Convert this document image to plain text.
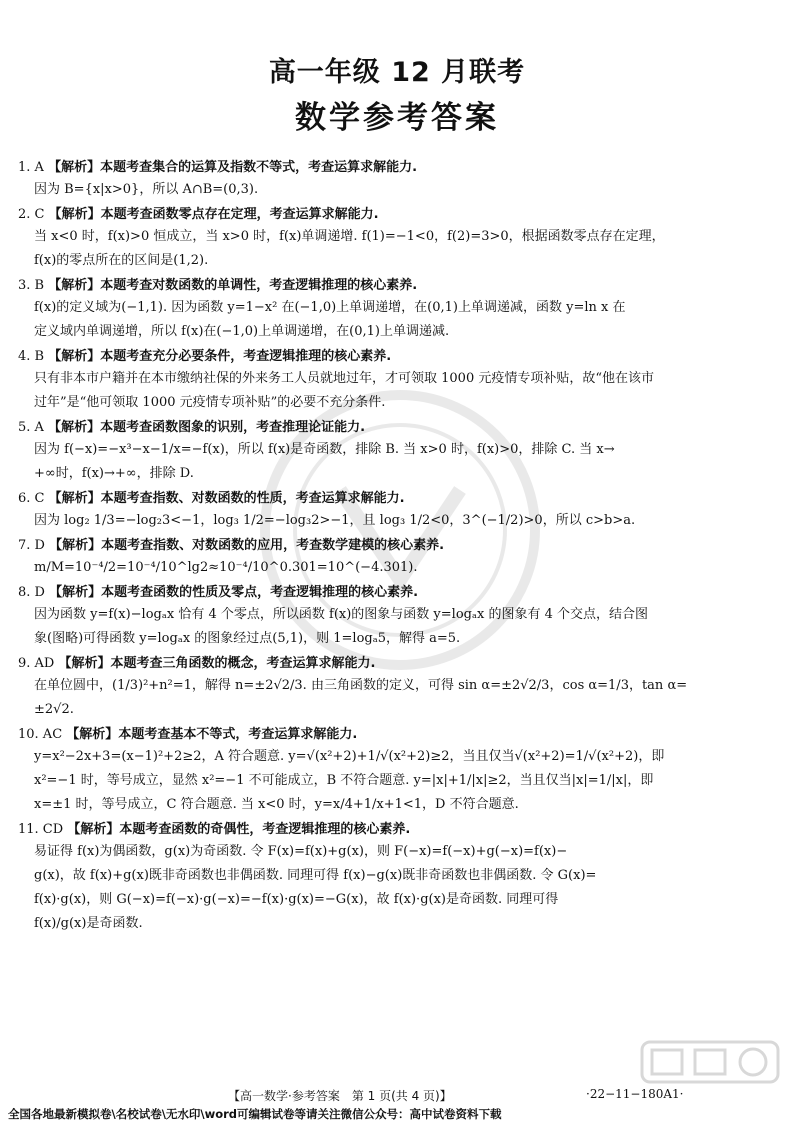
高一年级 12 月联考
数学参考答案
1. A 【解析】本题考查集合的运算及指数不等式，考查运算求解能力.
因为 B={x|x>0}，所以 A∩B=(0,3).
2. C 【解析】本题考查函数零点存在定理，考查运算求解能力.
当 x<0 时，f(x)>0 恒成立，当 x>0 时，f(x)单调递增. f(1)=−1<0，f(2)=3>0，根据函数零点存在定理，
f(x)的零点所在的区间是(1,2).
3. B 【解析】本题考查对数函数的单调性，考查逻辑推理的核心素养.
f(x)的定义域为(−1,1). 因为函数 y=1−x² 在(−1,0)上单调递增，在(0,1)上单调递减，函数 y=ln x 在
定义域内单调递增，所以 f(x)在(−1,0)上单调递增，在(0,1)上单调递减.
4. B 【解析】本题考查充分必要条件，考查逻辑推理的核心素养.
只有非本市户籍并在本市缴纳社保的外来务工人员就地过年，才可领取 1000 元疫情专项补贴，故“他在该市
过年”是“他可领取 1000 元疫情专项补贴”的必要不充分条件.
5. A 【解析】本题考查函数图象的识别，考查推理论证能力.
因为 f(−x)=−x³−x−1/x=−f(x)，所以 f(x)是奇函数，排除 B. 当 x>0 时，f(x)>0，排除 C. 当 x→
+∞时，f(x)→+∞，排除 D.
6. C 【解析】本题考查指数、对数函数的性质，考查运算求解能力.
因为 log₂ 1/3=−log₂3<−1，log₃ 1/2=−log₃2>−1，且 log₃ 1/2<0，3^(−1/2)>0，所以 c>b>a.
7. D 【解析】本题考查指数、对数函数的应用，考查数学建模的核心素养.
m/M=10⁻⁴/2=10⁻⁴/10^lg2≈10⁻⁴/10^0.301=10^(−4.301).
8. D 【解析】本题考查函数的性质及零点，考查逻辑推理的核心素养.
因为函数 y=f(x)−logₐx 恰有 4 个零点，所以函数 f(x)的图象与函数 y=logₐx 的图象有 4 个交点，结合图
象(图略)可得函数 y=logₐx 的图象经过点(5,1)，则 1=logₐ5，解得 a=5.
9. AD 【解析】本题考查三角函数的概念，考查运算求解能力.
在单位圆中，(1/3)²+n²=1，解得 n=±2√2/3. 由三角函数的定义，可得 sin α=±2√2/3，cos α=1/3，tan α=
±2√2.
10. AC 【解析】本题考查基本不等式，考查运算求解能力.
y=x²−2x+3=(x−1)²+2≥2，A 符合题意. y=√(x²+2)+1/√(x²+2)≥2，当且仅当√(x²+2)=1/√(x²+2)，即
x²=−1 时，等号成立，显然 x²=−1 不可能成立，B 不符合题意. y=|x|+1/|x|≥2，当且仅当|x|=1/|x|，即
x=±1 时，等号成立，C 符合题意. 当 x<0 时，y=x/4+1/x+1<1，D 不符合题意.
11. CD 【解析】本题考查函数的奇偶性，考查逻辑推理的核心素养.
易证得 f(x)为偶函数，g(x)为奇函数. 令 F(x)=f(x)+g(x)，则 F(−x)=f(−x)+g(−x)=f(x)−
g(x)，故 f(x)+g(x)既非奇函数也非偶函数. 同理可得 f(x)−g(x)既非奇函数也非偶函数. 令 G(x)=
f(x)·g(x)，则 G(−x)=f(−x)·g(−x)=−f(x)·g(x)=−G(x)，故 f(x)·g(x)是奇函数. 同理可得
f(x)/g(x)是奇函数.
【高一数学·参考答案　第 1 页(共 4 页)】	·22−11−180A1·
全国各地最新模拟卷\名校试卷\无水印\word可编辑试卷等请关注微信公众号：高中试卷资料下载
